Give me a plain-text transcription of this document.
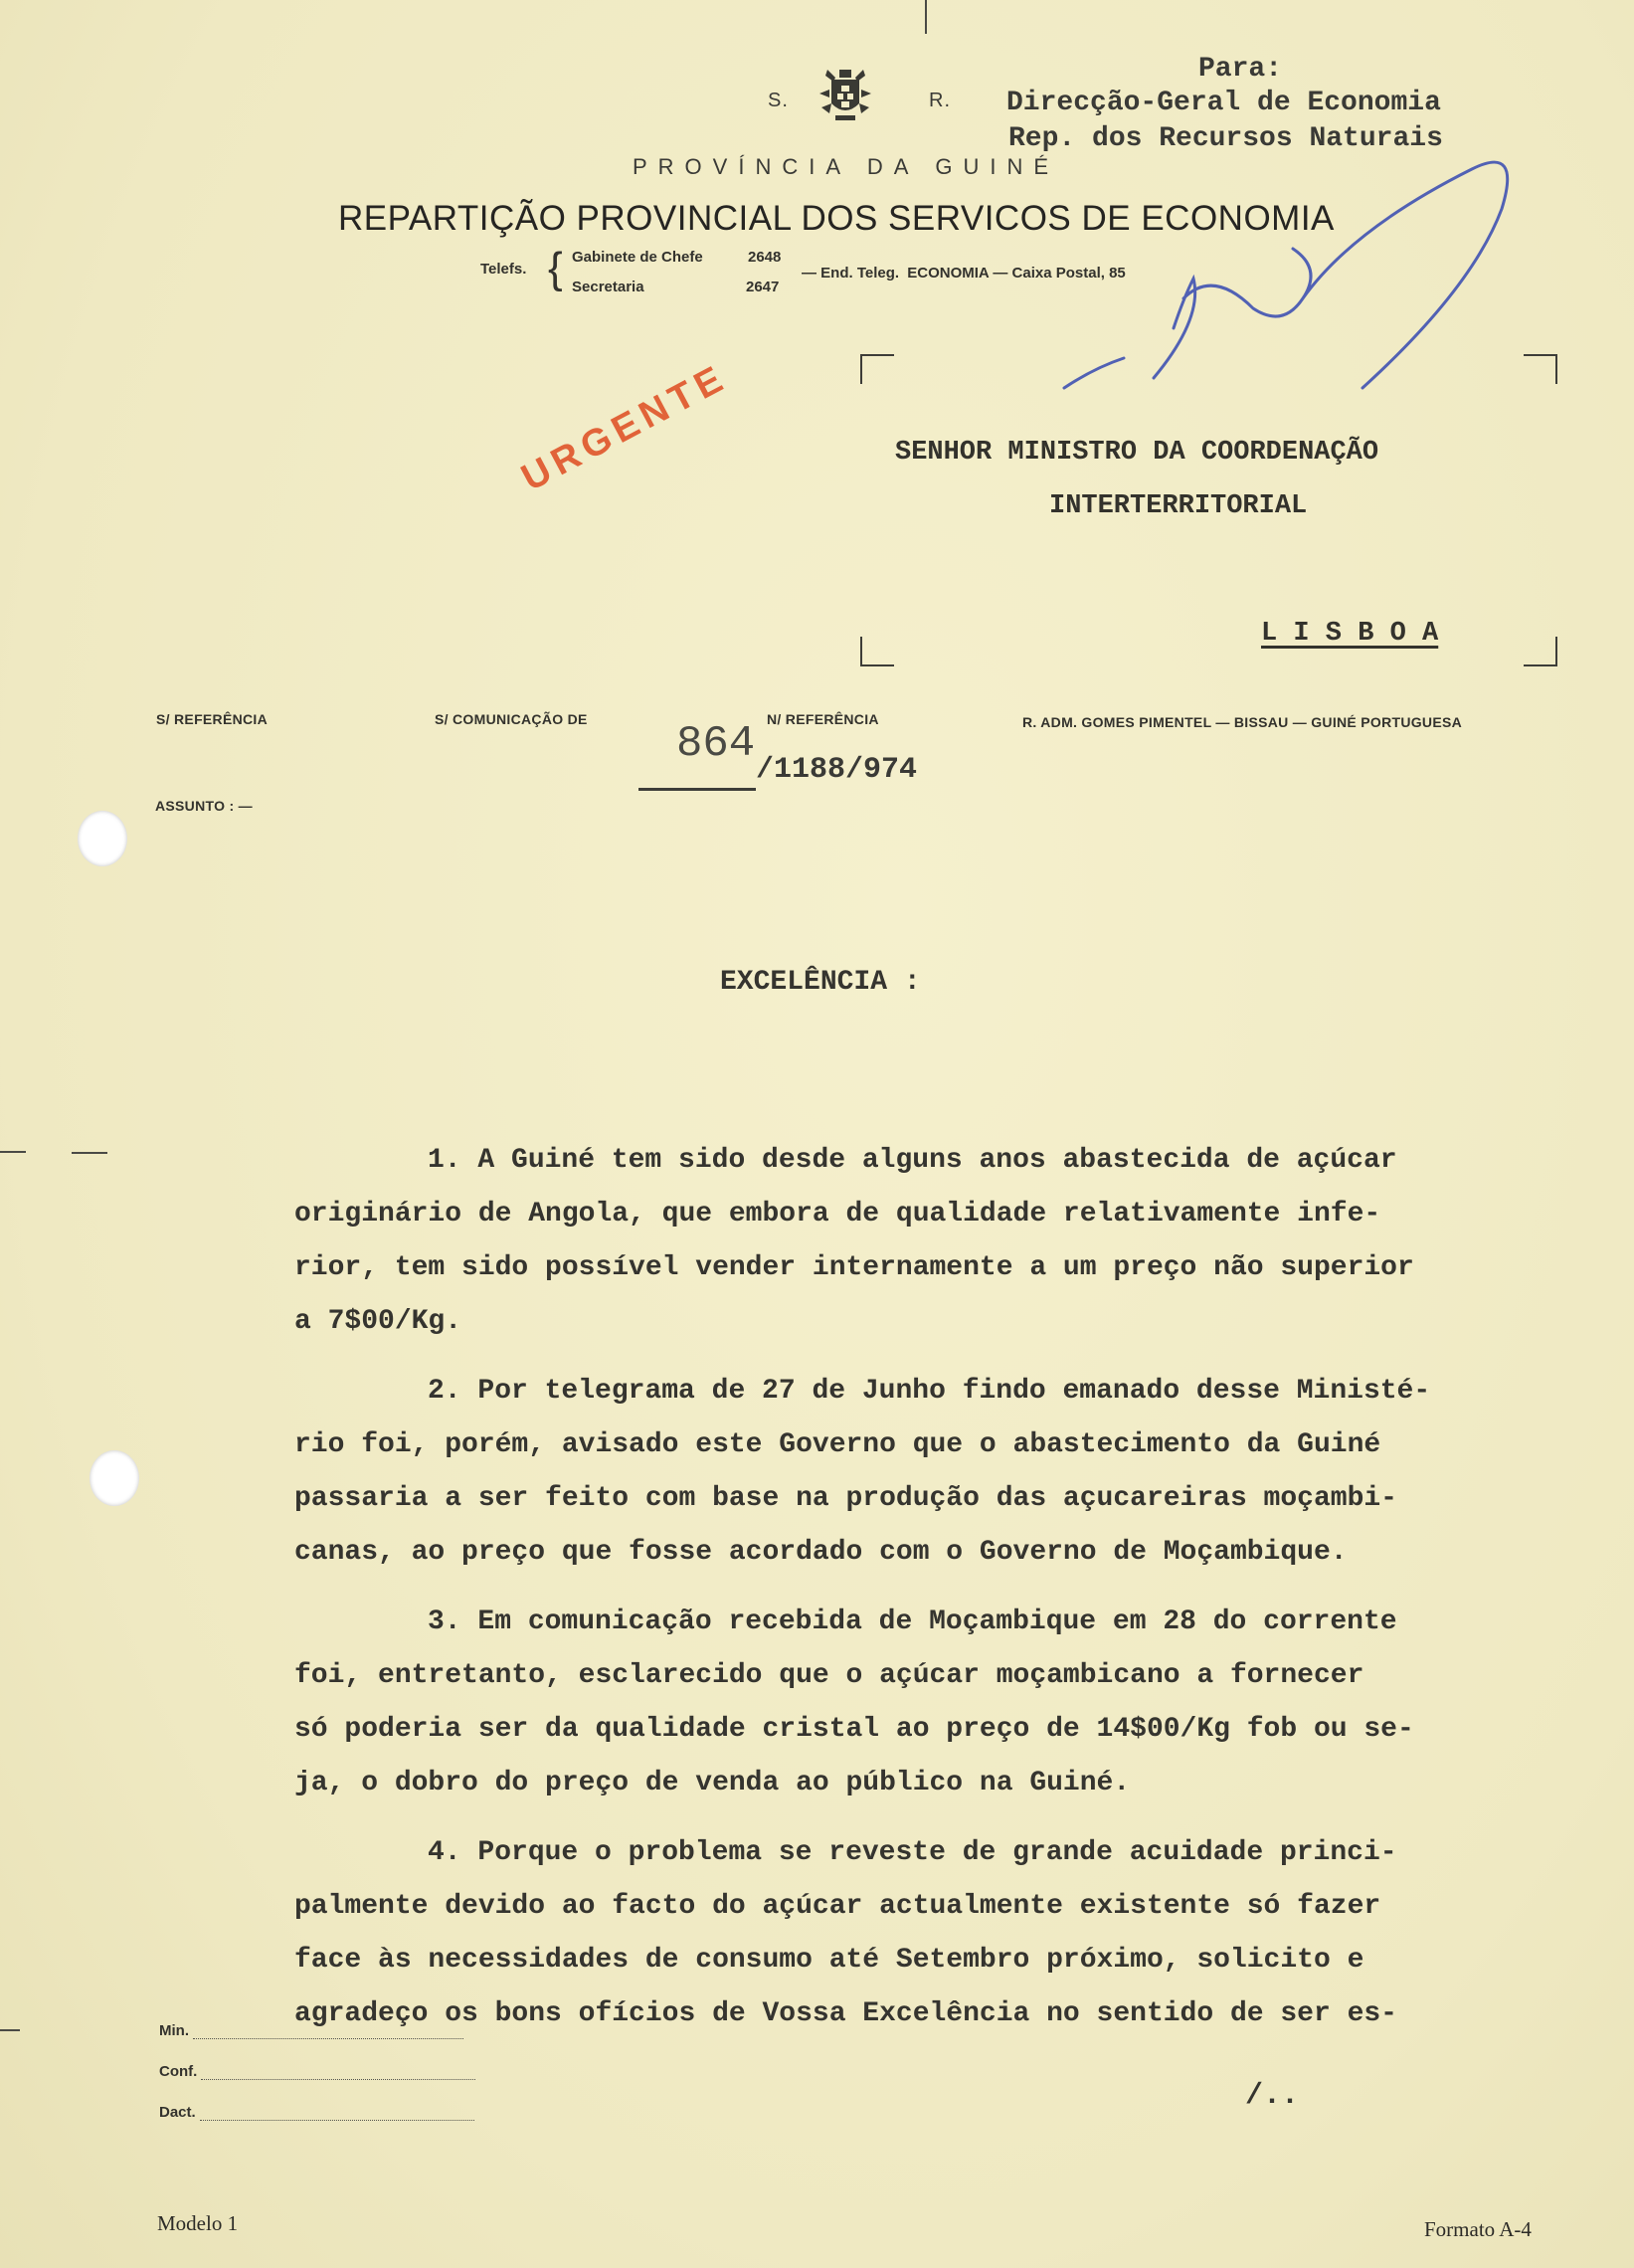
S.	R.
PROVÍNCIA DA GUINÉ
REPARTIÇÃO PROVINCIAL DOS SERVICOS DE ECONOMIA
Telefs. { Gabinete de Chefe	2648
Secretaria	2647
— End. Teleg. ECONOMIA — Caixa Postal, 85
Para:
Direcção-Geral de Economia
Rep. dos Recursos Naturais
URGENTE	SENHOR MINISTRO DA COORDENAÇÃO
INTERTERRITORIAL
L I S B O A
S/ REFERÊNCIA	S/ COMUNICAÇÃO DE	N/ REFERÊNCIA	R. ADM. GOMES PIMENTEL — BISSAU — GUINÉ PORTUGUESA
864
/1188/974
ASSUNTO : —
EXCELÊNCIA :
1. A Guiné tem sido desde alguns anos abastecida de açúcar
originário de Angola, que embora de qualidade relativamente infe-
rior, tem sido possível vender internamente a um preço não superior
a 7$00/Kg.
2. Por telegrama de 27 de Junho findo emanado desse Ministé-
rio foi, porém, avisado este Governo que o abastecimento da Guiné
passaria a ser feito com base na produção das açucareiras moçambi-
canas, ao preço que fosse acordado com o Governo de Moçambique.
3. Em comunicação recebida de Moçambique em 28 do corrente
foi, entretanto, esclarecido que o açúcar moçambicano a fornecer
só poderia ser da qualidade cristal ao preço de 14$00/Kg fob ou se-
ja, o dobro do preço de venda ao público na Guiné.
4. Porque o problema se reveste de grande acuidade princi-
palmente devido ao facto do açúcar actualmente existente só fazer
face às necessidades de consumo até Setembro próximo, solicito e
agradeço os bons ofícios de Vossa Excelência no sentido de ser es-
Min.
Conf.
Dact.	/..
Modelo 1	Formato A-4
